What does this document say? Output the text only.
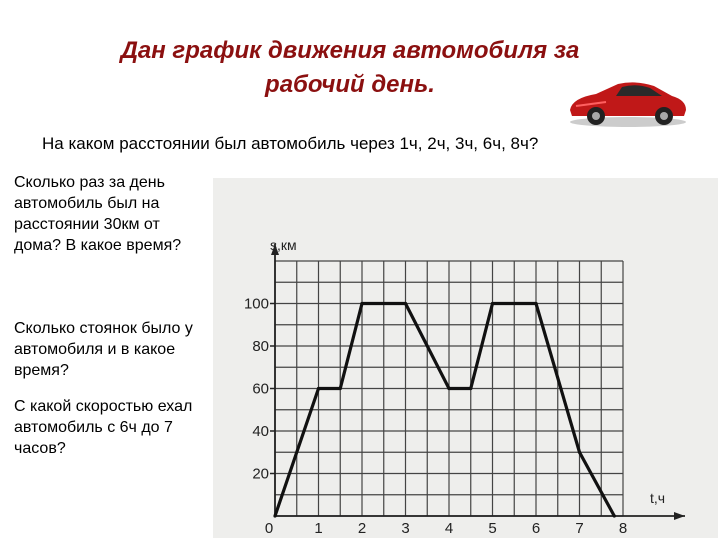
Дан график движения автомобиля за
рабочий день.
На каком расстоянии был автомобиль через 1ч, 2ч, 3ч, 6ч, 8ч?

Сколько раз за день автомобиль был на расстоянии 30км от дома? В какое время?

Сколько стоянок было у автомобиля и в какое время?

С какой скоростью ехал автомобиль с 6ч до 7 часов?

0	1 2 3 4 5 6 7 8
20
40
60
80
100
s,км
t,ч
